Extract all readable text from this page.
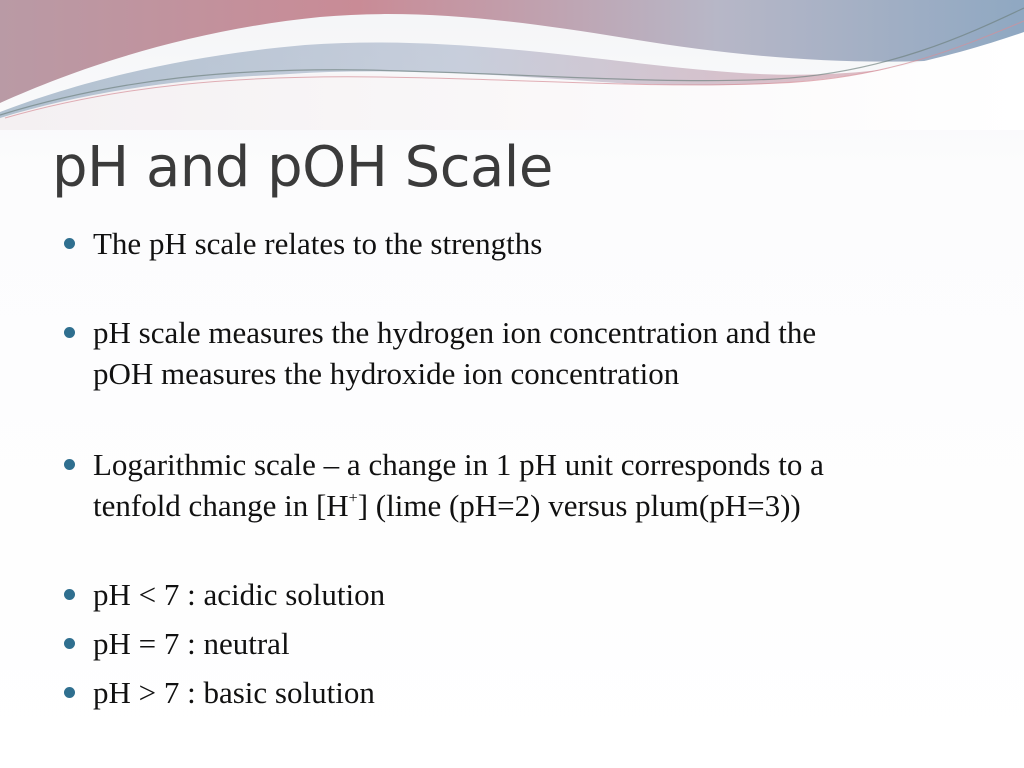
pH and pOH Scale
The pH scale relates to the strengths
pH scale measures the hydrogen ion concentration and the
pOH measures the hydroxide ion concentration
Logarithmic scale – a change in 1 pH unit corresponds to a
tenfold change in [H+] (lime (pH=2) versus plum(pH=3))
pH < 7 : acidic solution
pH = 7 : neutral
pH > 7 : basic solution
